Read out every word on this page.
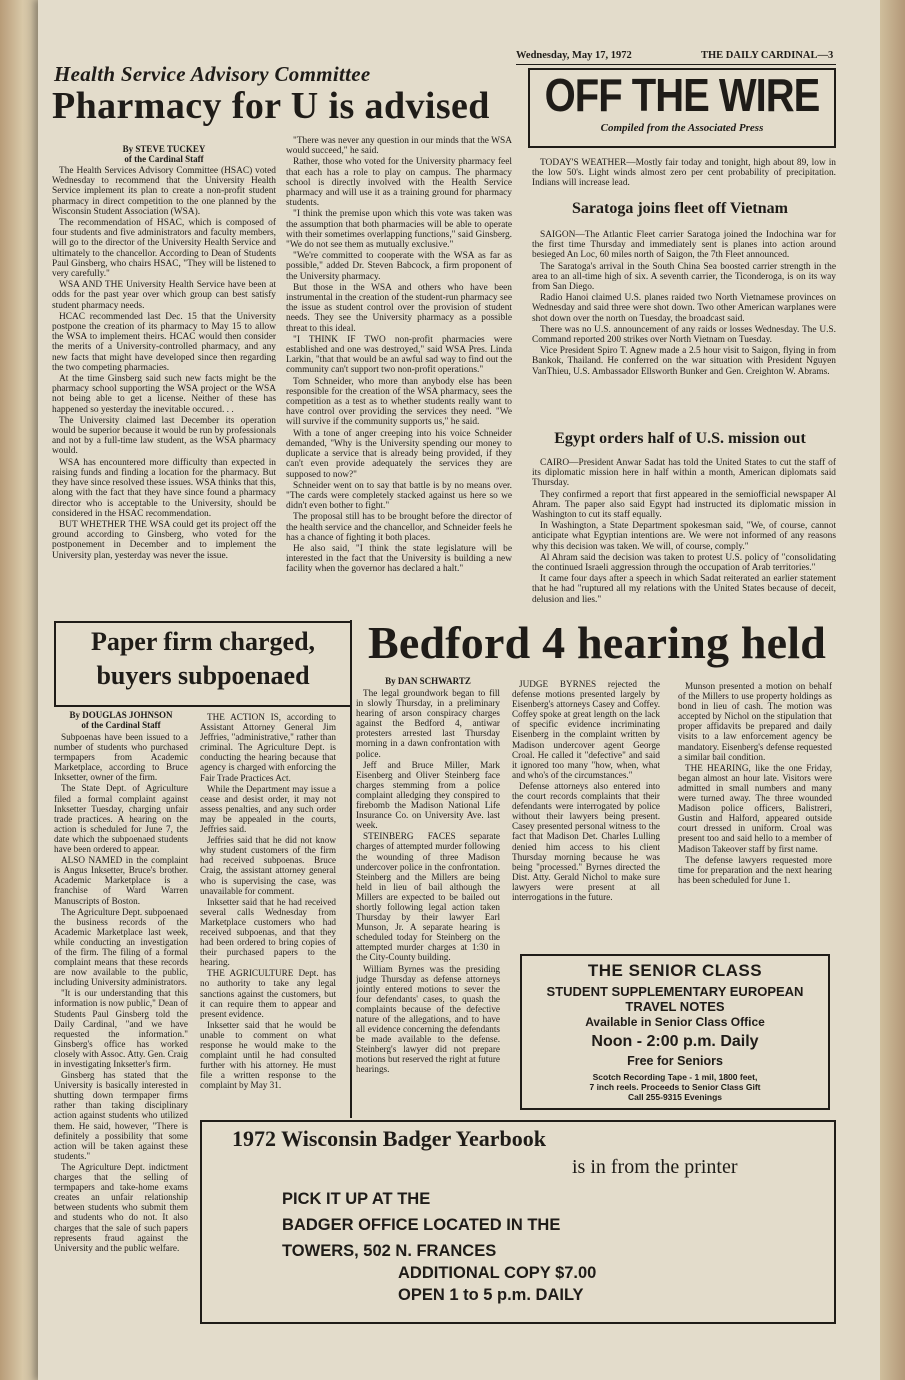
Wednesday, May 17, 1972	THE DAILY CARDINAL—3
Health Service Advisory Committee
Pharmacy for U is advised
By STEVE TUCKEY
of the Cardinal Staff

The Health Services Advisory Committee (HSAC) voted Wednesday to recommend that the University Health Service implement its plan to create a non-profit student pharmacy in direct competition to the one planned by the Wisconsin Student Association (WSA).

The recommendation of HSAC, which is composed of four students and five administrators and faculty members, will go to the director of the University Health Service and ultimately to the chancellor. According to Dean of Students Paul Ginsberg, who chairs HSAC, "They will be listened to very carefully."

WSA AND THE University Health Service have been at odds for the past year over which group can best satisfy student pharmacy needs.

HCAC recommended last Dec. 15 that the University postpone the creation of its pharmacy to May 15 to allow the WSA to implement theirs. HCAC would then consider the merits of a University-controlled pharmacy, and any new facts that might have developed since then regarding the two competing pharmacies.

At the time Ginsberg said such new facts might be the pharmacy school supporting the WSA project or the WSA not being able to get a license. Neither of these has happened so yesterday the inevitable occured. . .

The University claimed last December its operation would be superior because it would be run by professionals and not by a full-time law student, as the WSA pharmacy would.

WSA has encountered more difficulty than expected in raising funds and finding a location for the pharmacy. But they have since resolved these issues. WSA thinks that this, along with the fact that they have since found a pharmacy director who is acceptable to the University, should be considered in the HSAC recommendation.

BUT WHETHER THE WSA could get its project off the ground according to Ginsberg, who voted for the postponement in December and to implement the University plan, yesterday was never the issue.

"There was never any question in our minds that the WSA would succeed," he said.

Rather, those who voted for the University pharmacy feel that each has a role to play on campus. The pharmacy school is directly involved with the Health Service pharmacy and will use it as a training ground for pharmacy students.

"I think the premise upon which this vote was taken was the assumption that both pharmacies will be able to operate with their sometimes overlapping functions," said Ginsberg. "We do not see them as mutually exclusive."

"We're committed to cooperate with the WSA as far as possible," added Dr. Steven Babcock, a firm proponent of the University pharmacy.

But those in the WSA and others who have been instrumental in the creation of the student-run pharmacy see the issue as student control over the provision of student needs. They see the University pharmacy as a possible threat to this ideal.

"I THINK IF TWO non-profit pharmacies were established and one was destroyed," said WSA Pres. Linda Larkin, "that that would be an awful sad way to find out the community can't support two non-profit operations."

Tom Schneider, who more than anybody else has been responsible for the creation of the WSA pharmacy, sees the competition as a test as to whether students really want to have control over providing the services they need. "We will survive if the community supports us," he said.

With a tone of anger creeping into his voice Schneider demanded, "Why is the University spending our money to duplicate a service that is already being provided, if they can't even provide adequately the services they are supposed to now?"

Schneider went on to say that battle is by no means over. "The cards were completely stacked against us here so we didn't even bother to fight."

The proposal still has to be brought before the director of the health service and the chancellor, and Schneider feels he has a chance of fighting it both places.

He also said, "I think the state legislature will be interested in the fact that the University is building a new facility when the governor has declared a halt."

OFF THE WIRE
Compiled from the Associated Press

TODAY'S WEATHER—Mostly fair today and tonight, high about 89, low in the low 50's. Light winds almost zero per cent probability of precipitation. Indians will increase lead.

Saratoga joins fleet off Vietnam

SAIGON—The Atlantic Fleet carrier Saratoga joined the Indochina war for the first time Thursday and immediately sent is planes into action around besieged An Loc, 60 miles north of Saigon, the 7th Fleet announced.

The Saratoga's arrival in the South China Sea boosted carrier strength in the area to an all-time high of six. A seventh carrier, the Ticonderoga, is on its way from San Diego.

Radio Hanoi claimed U.S. planes raided two North Vietnamese provinces on Wednesday and said three were shot down. Two other American warplanes were shot down over the north on Tuesday, the broadcast said.

There was no U.S. announcement of any raids or losses Wednesday. The U.S. Command reported 200 strikes over North Vietnam on Tuesday.

Vice President Spiro T. Agnew made a 2.5 hour visit to Saigon, flying in from Bankok, Thailand. He conferred on the war situation with President Nguyen VanThieu, U.S. Ambassador Ellsworth Bunker and Gen. Creighton W. Abrams.

Egypt orders half of U.S. mission out

CAIRO—President Anwar Sadat has told the United States to cut the staff of its diplomatic mission here in half within a month, American diplomats said Thursday.

They confirmed a report that first appeared in the semiofficial newspaper Al Ahram. The paper also said Egypt had instructed its diplomatic mission in Washington to cut its staff equally.

In Washington, a State Department spokesman said, "We, of course, cannot anticipate what Egyptian intentions are. We were not informed of any reasons why this decision was taken. We will, of course, comply."

Al Ahram said the decision was taken to protest U.S. policy of "consolidating the continued Israeli aggression through the occupation of Arab territories."

It came four days after a speech in which Sadat reiterated an earlier statement that he had "ruptured all my relations with the United States because of deceit, delusion and lies."

Paper firm charged,
buyers subpoenaed
By DOUGLAS JOHNSON
of the Cardinal Staff

Subpoenas have been issued to a number of students who purchased termpapers from Academic Marketplace, according to Bruce Inksetter, owner of the firm.

The State Dept. of Agriculture filed a formal complaint against Inksetter Tuesday, charging unfair trade practices. A hearing on the action is scheduled for June 7, the date which the subpoenaed students have been ordered to appear.

ALSO NAMED in the complaint is Angus Inksetter, Bruce's brother. Academic Marketplace is a franchise of Ward Warren Manuscripts of Boston.

The Agriculture Dept. subpoenaed the business records of the Academic Marketplace last week, while conducting an investigation of the firm. The filing of a formal complaint means that these records are now available to the public, including University administrators.

"It is our understanding that this information is now public," Dean of Students Paul Ginsberg told the Daily Cardinal, "and we have requested the information." Ginsberg's office has worked closely with Assoc. Atty. Gen. Craig in investigating Inksetter's firm.

Ginsberg has stated that the University is basically interested in shutting down termpaper firms rather than taking disciplinary action against students who utilized them. He said, however, "There is definitely a possibility that some action will be taken against these students."

The Agriculture Dept. indictment charges that the selling of termpapers and take-home exams creates an unfair relationship between students who submit them and students who do not. It also charges that the sale of such papers represents fraud against the University and the public welfare.

THE ACTION IS, according to Assistant Attorney General Jim Jeffries, "administrative," rather than criminal. The Agriculture Dept. is conducting the hearing because that agency is charged with enforcing the Fair Trade Practices Act.

While the Department may issue a cease and desist order, it may not assess penalties, and any such order may be appealed in the courts, Jeffries said.

Jeffries said that he did not know why student customers of the firm had received subpoenas. Bruce Craig, the assistant attorney general who is supervising the case, was unavailable for comment.

Inksetter said that he had received several calls Wednesday from Marketplace customers who had received subpoenas, and that they had been ordered to bring copies of their purchased papers to the hearing.

THE AGRICULTURE Dept. has no authority to take any legal sanctions against the customers, but it can require them to appear and present evidence.

Inksetter said that he would be unable to comment on what response he would make to the complaint until he had consulted further with his attorney. He must file a written response to the complaint by May 31.

Bedford 4 hearing held
By DAN SCHWARTZ

The legal groundwork began to fill in slowly Thursday, in a preliminary hearing of arson conspiracy charges against the Bedford 4, antiwar protesters arrested last Thursday morning in a dawn confrontation with police.

Jeff and Bruce Miller, Mark Eisenberg and Oliver Steinberg face charges stemming from a police complaint alledging they conspired to firebomb the Madison National Life Insurance Co. on University Ave. last week.

STEINBERG FACES separate charges of attempted murder following the wounding of three Madison undercover police in the confrontation. Steinberg and the Millers are being held in lieu of bail although the Millers are expected to be bailed out shortly following legal action taken Thursday by their lawyer Earl Munson, Jr. A separate hearing is scheduled today for Steinberg on the attempted murder charges at 1:30 in the City-County building.

William Byrnes was the presiding judge Thursday as defense attorneys jointly entered motions to sever the four defendants' cases, to quash the complaints because of the defective nature of the allegations, and to have all evidence concerning the defendants be made available to the defense. Steinberg's lawyer did not prepare motions but reserved the right at future hearings.

JUDGE BYRNES rejected the defense motions presented largely by Eisenberg's attorneys Casey and Coffey. Coffey spoke at great length on the lack of specific evidence incriminating Eisenberg in the complaint written by Madison undercover agent George Croal. He called it "defective" and said it ignored too many "how, when, what and who's of the circumstances."

Defense attorneys also entered into the court records complaints that their defendants were interrogated by police without their lawyers being present. Casey presented personal witness to the fact that Madison Det. Charles Lulling denied him access to his client Thursday morning because he was being "processed." Byrnes directed the Dist. Atty. Gerald Nichol to make sure lawyers were present at all interrogations in the future.

Munson presented a motion on behalf of the Millers to use property holdings as bond in lieu of cash. The motion was accepted by Nichol on the stipulation that proper affidavits be prepared and daily visits to a law enforcement agency be mandatory. Eisenberg's defense requested a similar bail condition.

THE HEARING, like the one Friday, began almost an hour late. Visitors were admitted in small numbers and many were turned away. The three wounded Madison police officers, Balistreri, Gustin and Halford, appeared outside court dressed in uniform. Croal was present too and said hello to a member of Madison Takeover staff by first name.

The defense lawyers requested more time for preparation and the next hearing has been scheduled for June 1.

THE SENIOR CLASS
STUDENT SUPPLEMENTARY EUROPEAN
TRAVEL NOTES
Available in Senior Class Office
Noon - 2:00 p.m. Daily
Free for Seniors
Scotch Recording Tape - 1 mil, 1800 feet,
7 inch reels. Proceeds to Senior Class Gift
Call 255-9315 Evenings
1972 Wisconsin Badger Yearbook
is in from the printer
PICK IT UP AT THE
BADGER OFFICE LOCATED IN THE
TOWERS, 502 N. FRANCES
ADDITIONAL COPY $7.00
OPEN 1 to 5 p.m. DAILY
